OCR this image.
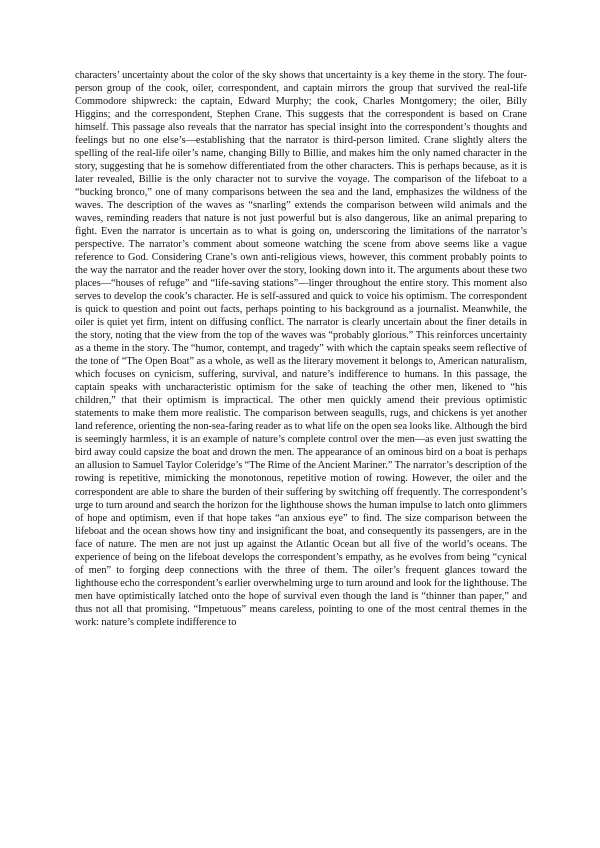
characters’ uncertainty about the color of the sky shows that uncertainty is a key theme in the story. The four-person group of the cook, oiler, correspondent, and captain mirrors the group that survived the real-life Commodore shipwreck: the captain, Edward Murphy; the cook, Charles Montgomery; the oiler, Billy Higgins; and the correspondent, Stephen Crane. This suggests that the correspondent is based on Crane himself. This passage also reveals that the narrator has special insight into the correspondent’s thoughts and feelings but no one else’s—establishing that the narrator is third-person limited. Crane slightly alters the spelling of the real-life oiler’s name, changing Billy to Billie, and makes him the only named character in the story, suggesting that he is somehow differentiated from the other characters. This is perhaps because, as it is later revealed, Billie is the only character not to survive the voyage. The comparison of the lifeboat to a “bucking bronco,” one of many comparisons between the sea and the land, emphasizes the wildness of the waves. The description of the waves as “snarling” extends the comparison between wild animals and the waves, reminding readers that nature is not just powerful but is also dangerous, like an animal preparing to fight. Even the narrator is uncertain as to what is going on, underscoring the limitations of the narrator’s perspective. The narrator’s comment about someone watching the scene from above seems like a vague reference to God. Considering Crane’s own anti-religious views, however, this comment probably points to the way the narrator and the reader hover over the story, looking down into it. The arguments about these two places—“houses of refuge” and “life-saving stations”—linger throughout the entire story. This moment also serves to develop the cook’s character. He is self-assured and quick to voice his optimism. The correspondent is quick to question and point out facts, perhaps pointing to his background as a journalist. Meanwhile, the oiler is quiet yet firm, intent on diffusing conflict. The narrator is clearly uncertain about the finer details in the story, noting that the view from the top of the waves was “probably glorious.” This reinforces uncertainty as a theme in the story. The “humor, contempt, and tragedy” with which the captain speaks seem reflective of the tone of “The Open Boat” as a whole, as well as the literary movement it belongs to, American naturalism, which focuses on cynicism, suffering, survival, and nature’s indifference to humans. In this passage, the captain speaks with uncharacteristic optimism for the sake of teaching the other men, likened to “his children,” that their optimism is impractical. The other men quickly amend their previous optimistic statements to make them more realistic. The comparison between seagulls, rugs, and chickens is yet another land reference, orienting the non-sea-faring reader as to what life on the open sea looks like. Although the bird is seemingly harmless, it is an example of nature’s complete control over the men—as even just swatting the bird away could capsize the boat and drown the men. The appearance of an ominous bird on a boat is perhaps an allusion to Samuel Taylor Coleridge’s “The Rime of the Ancient Mariner.” The narrator’s description of the rowing is repetitive, mimicking the monotonous, repetitive motion of rowing. However, the oiler and the correspondent are able to share the burden of their suffering by switching off frequently. The correspondent’s urge to turn around and search the horizon for the lighthouse shows the human impulse to latch onto glimmers of hope and optimism, even if that hope takes “an anxious eye” to find. The size comparison between the lifeboat and the ocean shows how tiny and insignificant the boat, and consequently its passengers, are in the face of nature. The men are not just up against the Atlantic Ocean but all five of the world’s oceans. The experience of being on the lifeboat develops the correspondent’s empathy, as he evolves from being “cynical of men” to forging deep connections with the three of them. The oiler’s frequent glances toward the lighthouse echo the correspondent’s earlier overwhelming urge to turn around and look for the lighthouse. The men have optimistically latched onto the hope of survival even though the land is “thinner than paper,” and thus not all that promising. “Impetuous” means careless, pointing to one of the most central themes in the work: nature’s complete indifference to
